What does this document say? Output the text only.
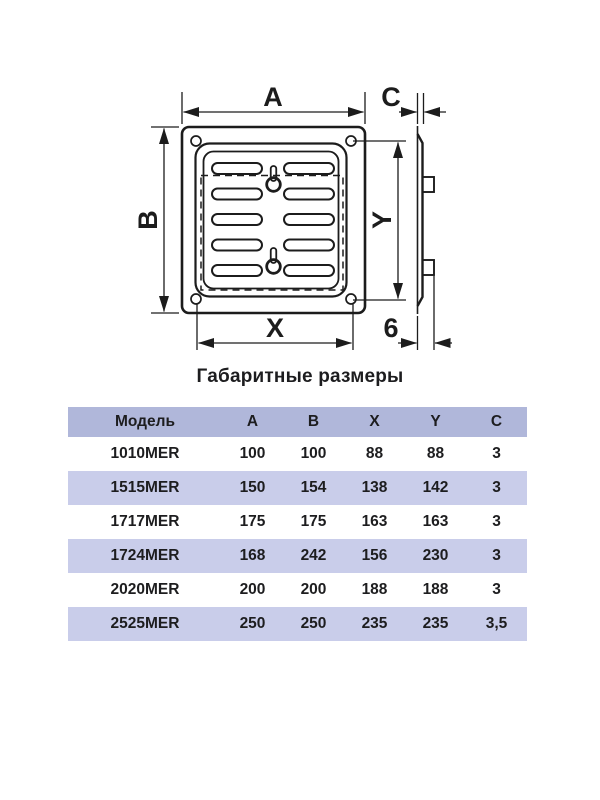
A
B
X
Y
C
6
Габаритные размеры
Модель	A	B	X	Y	C
1010MER	100	100	88	88	3
1515MER	150	154	138	142	3
1717MER	175	175	163	163	3
1724MER	168	242	156	230	3
2020MER	200	200	188	188	3
2525MER	250	250	235	235	3,5
